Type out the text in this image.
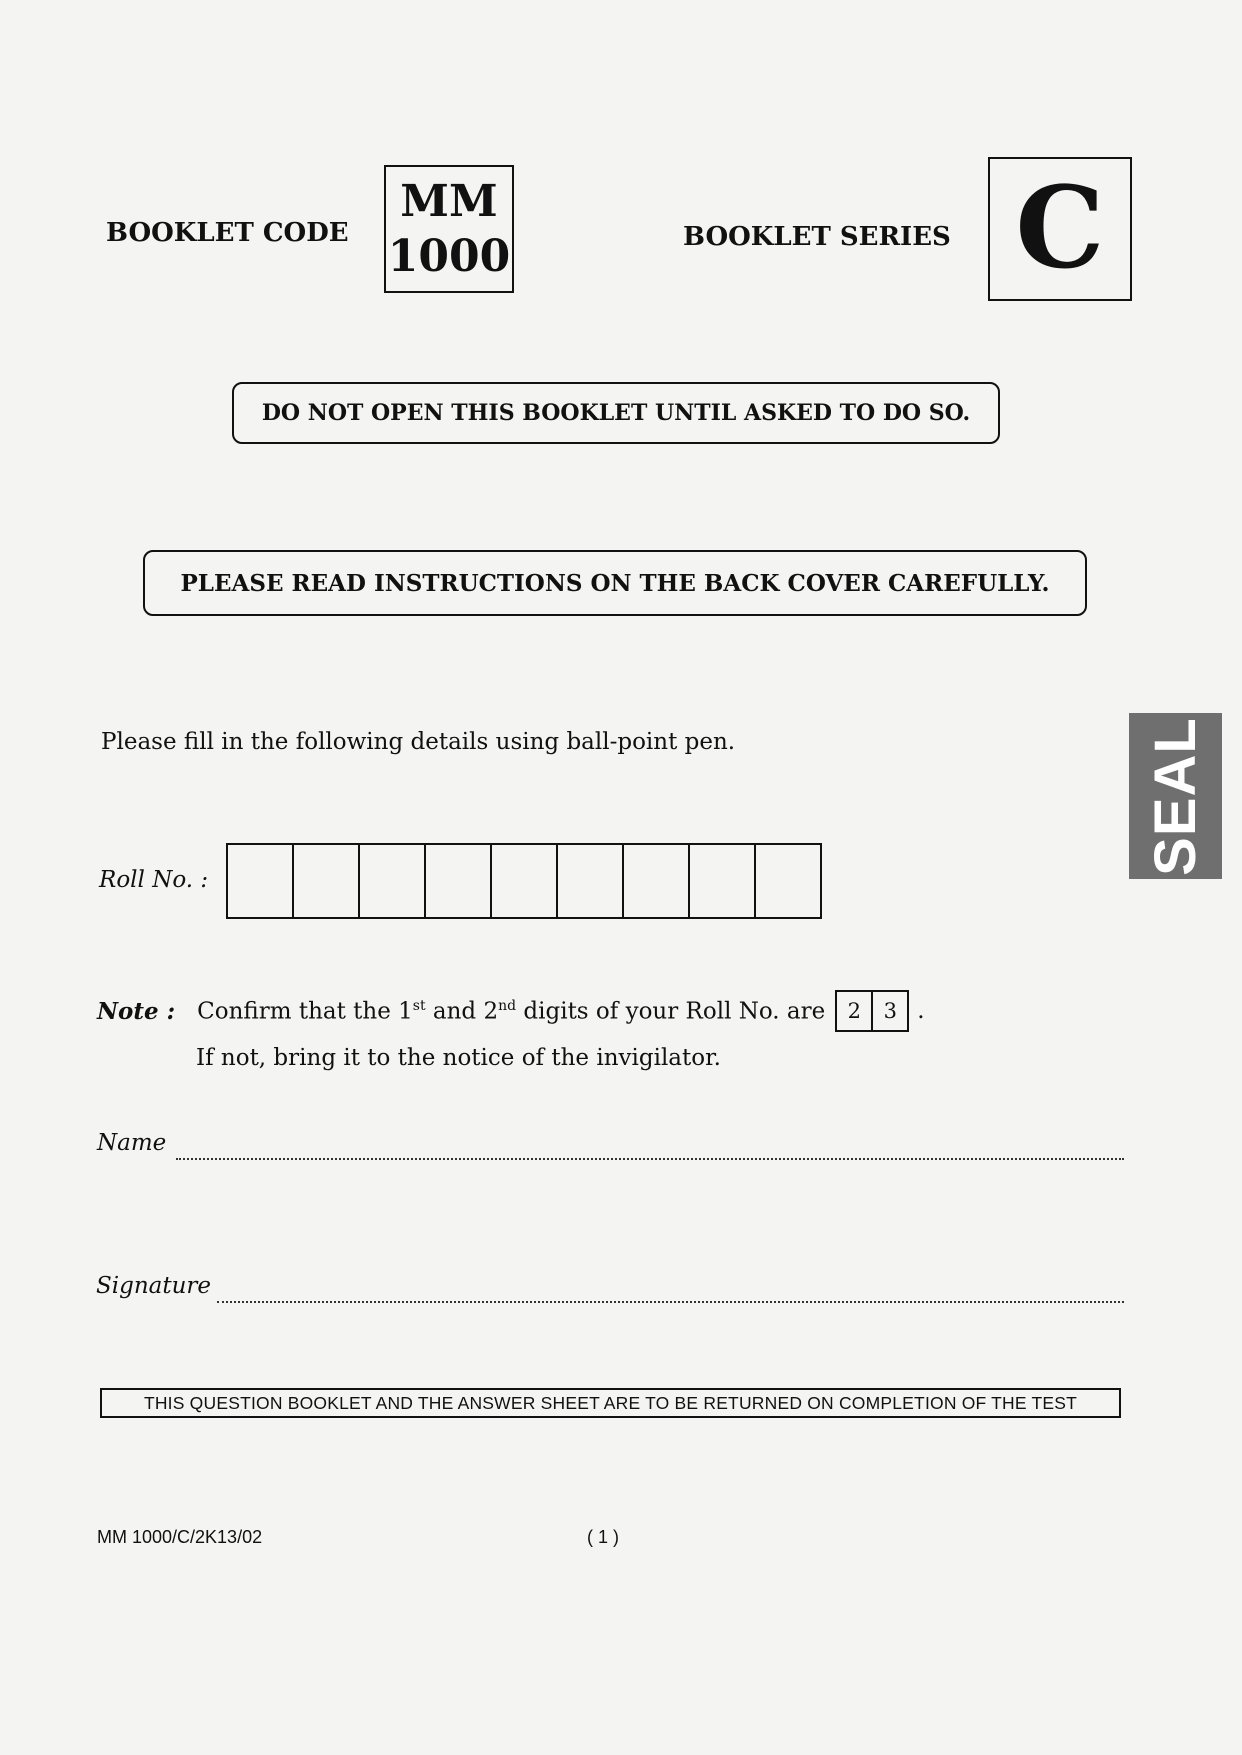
BOOKLET CODE
MM
1000	BOOKLET SERIES C
DO NOT OPEN THIS BOOKLET UNTIL ASKED TO DO SO.
PLEASE READ INSTRUCTIONS ON THE BACK COVER CAREFULLY.
Please fill in the following details using ball-point pen.
Roll No. :
Note : Confirm that the 1st and 2nd digits of your Roll No. are	2	3 .
If not, bring it to the notice of the invigilator.
Name
Signature
THIS QUESTION BOOKLET AND THE ANSWER SHEET ARE TO BE RETURNED ON COMPLETION OF THE TEST
MM 1000/C/2K13/02	( 1 )
SEAL
